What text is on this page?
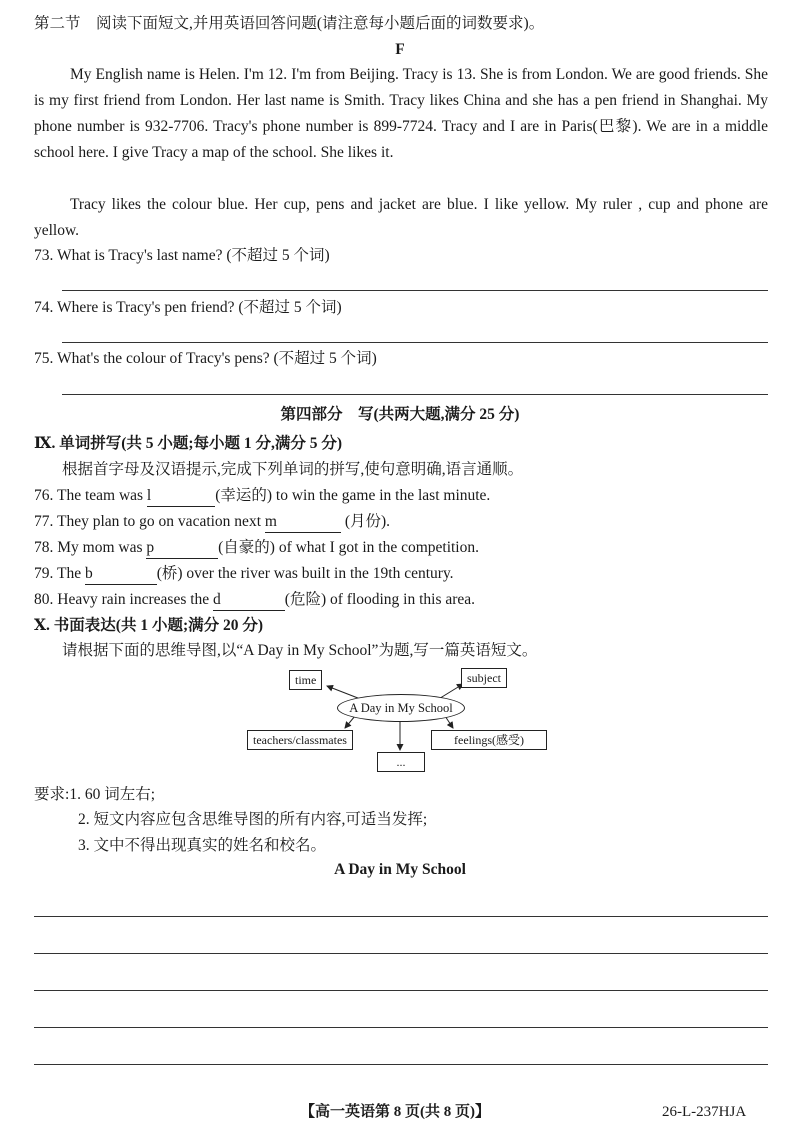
第二节　阅读下面短文,并用英语回答问题(请注意每小题后面的词数要求)。
F
My English name is Helen. I'm 12. I'm from Beijing. Tracy is 13. She is from London. We are good friends. She is my first friend from London. Her last name is Smith. Tracy likes China and she has a pen friend in Shanghai. My phone number is 932-7706. Tracy's phone number is 899-7724. Tracy and I are in Paris(巴黎). We are in a middle school here. I give Tracy a map of the school. She likes it.
Tracy likes the colour blue. Her cup, pens and jacket are blue. I like yellow. My ruler , cup and phone are yellow.
73. What is Tracy's last name? (不超过 5 个词)
74. Where is Tracy's pen friend? (不超过 5 个词)
75. What's the colour of Tracy's pens? (不超过 5 个词)
第四部分　写(共两大题,满分 25 分)
Ⅸ. 单词拼写(共 5 小题;每小题 1 分,满分 5 分)
根据首字母及汉语提示,完成下列单词的拼写,使句意明确,语言通顺。
76. The team was l	(幸运的) to win the game in the last minute.
77. They plan to go on vacation next m	(月份).
78. My mom was p	(自豪的) of what I got in the competition.
79. The b	(桥) over the river was built in the 19th century.
80. Heavy rain increases the d	(危险) of flooding in this area.
Ⅹ. 书面表达(共 1 小题;满分 20 分)
请根据下面的思维导图,以“A Day in My School”为题,写一篇英语短文。
time	subject
A Day in My School
teachers/classmates	feelings(感受)
...
要求:1. 60 词左右;
2. 短文内容应包含思维导图的所有内容,可适当发挥;
3. 文中不得出现真实的姓名和校名。
A Day in My School
【高一英语第 8 页(共 8 页)】	26-L-237HJA
